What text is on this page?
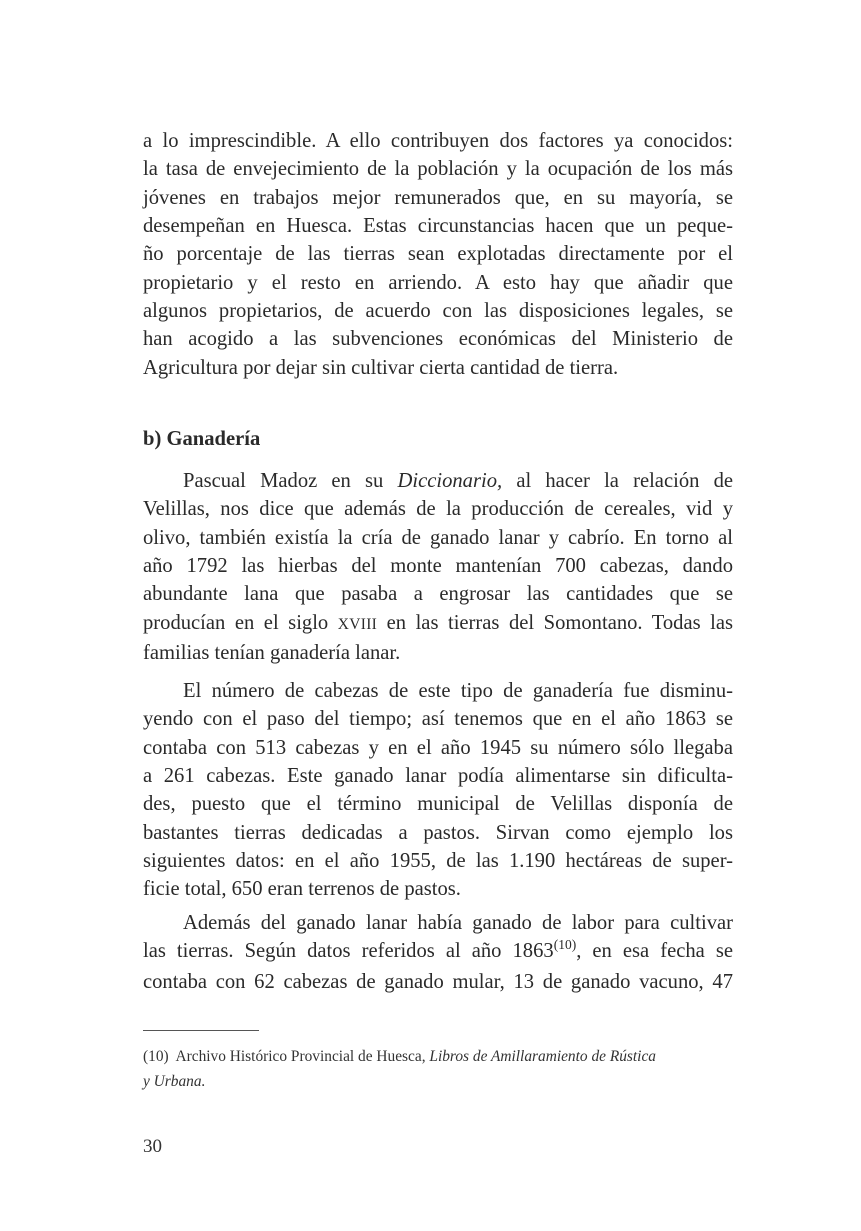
a lo imprescindible. A ello contribuyen dos factores ya conocidos:
la tasa de envejecimiento de la población y la ocupación de los más
jóvenes en trabajos mejor remunerados que, en su mayoría, se
desempeñan en Huesca. Estas circunstancias hacen que un peque-
ño porcentaje de las tierras sean explotadas directamente por el
propietario y el resto en arriendo. A esto hay que añadir que
algunos propietarios, de acuerdo con las disposiciones legales, se
han acogido a las subvenciones económicas del Ministerio de
Agricultura por dejar sin cultivar cierta cantidad de tierra.

b) Ganadería

Pascual Madoz en su Diccionario, al hacer la relación de
Velillas, nos dice que además de la producción de cereales, vid y
olivo, también existía la cría de ganado lanar y cabrío. En torno al
año 1792 las hierbas del monte mantenían 700 cabezas, dando
abundante lana que pasaba a engrosar las cantidades que se
producían en el siglo XVIII en las tierras del Somontano. Todas las
familias tenían ganadería lanar.

El número de cabezas de este tipo de ganadería fue disminu-
yendo con el paso del tiempo; así tenemos que en el año 1863 se
contaba con 513 cabezas y en el año 1945 su número sólo llegaba
a 261 cabezas. Este ganado lanar podía alimentarse sin dificulta-
des, puesto que el término municipal de Velillas disponía de
bastantes tierras dedicadas a pastos. Sirvan como ejemplo los
siguientes datos: en el año 1955, de las 1.190 hectáreas de super-
ficie total, 650 eran terrenos de pastos.

Además del ganado lanar había ganado de labor para cultivar
las tierras. Según datos referidos al año 1863$^{(10)}$, en esa fecha se
contaba con 62 cabezas de ganado mular, 13 de ganado vacuno, 47

(10) Archivo Histórico Provincial de Huesca, Libros de Amillaramiento de Rústica
y Urbana.
30
